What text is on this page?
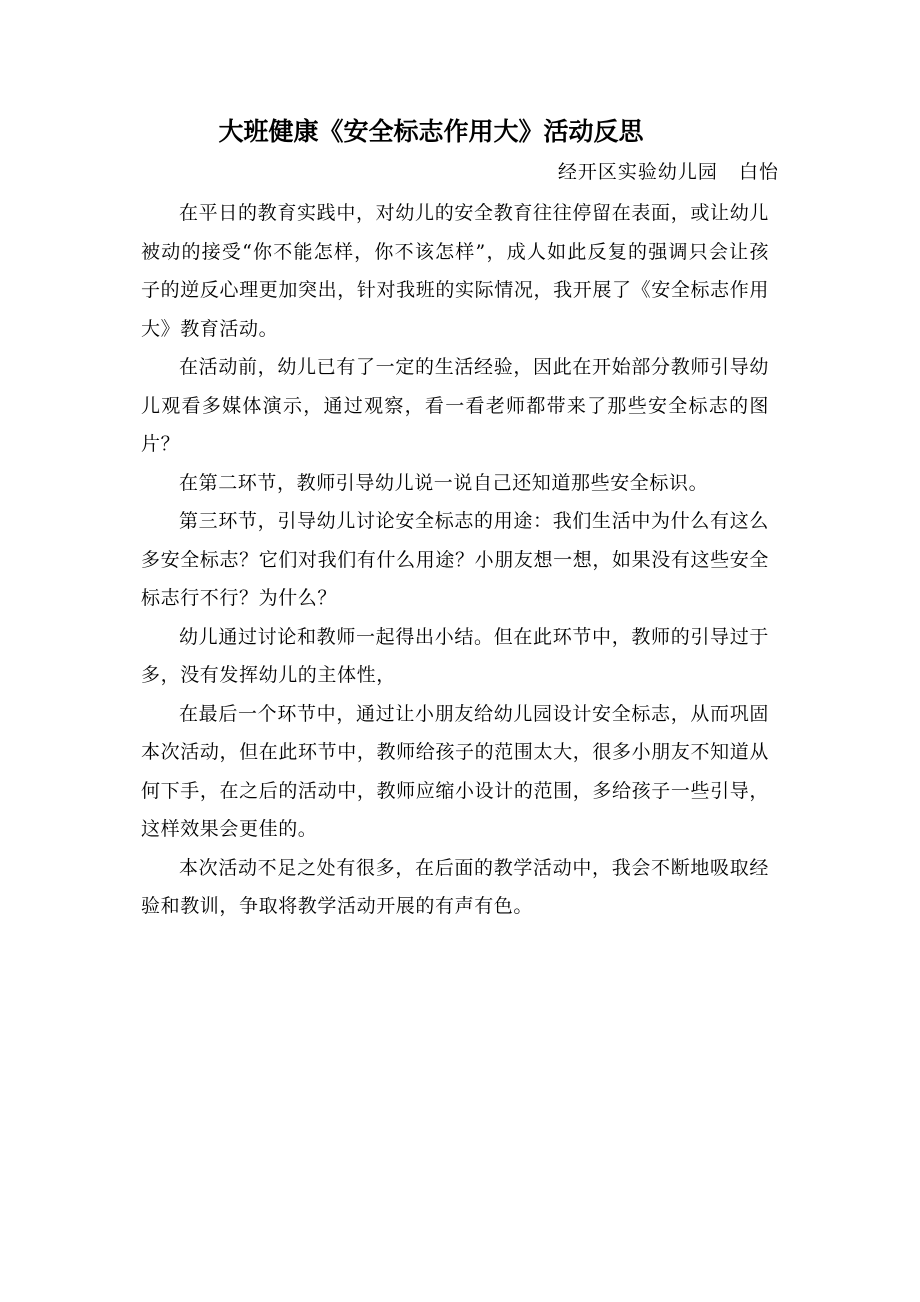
大班健康《安全标志作用大》活动反思
经开区实验幼儿园   白怡

在平日的教育实践中，对幼儿的安全教育往往停留在表面，或让幼儿被动的接受“你不能怎样，你不该怎样”，成人如此反复的强调只会让孩子的逆反心理更加突出，针对我班的实际情况，我开展了《安全标志作用大》教育活动。

在活动前，幼儿已有了一定的生活经验，因此在开始部分教师引导幼儿观看多媒体演示，通过观察，看一看老师都带来了那些安全标志的图片？

在第二环节，教师引导幼儿说一说自己还知道那些安全标识。

第三环节，引导幼儿讨论安全标志的用途：我们生活中为什么有这么多安全标志？它们对我们有什么用途？小朋友想一想，如果没有这些安全标志行不行？为什么？

幼儿通过讨论和教师一起得出小结。但在此环节中，教师的引导过于多，没有发挥幼儿的主体性，

在最后一个环节中，通过让小朋友给幼儿园设计安全标志，从而巩固本次活动，但在此环节中，教师给孩子的范围太大，很多小朋友不知道从何下手，在之后的活动中，教师应缩小设计的范围，多给孩子一些引导，这样效果会更佳的。

本次活动不足之处有很多，在后面的教学活动中，我会不断地吸取经验和教训，争取将教学活动开展的有声有色。
